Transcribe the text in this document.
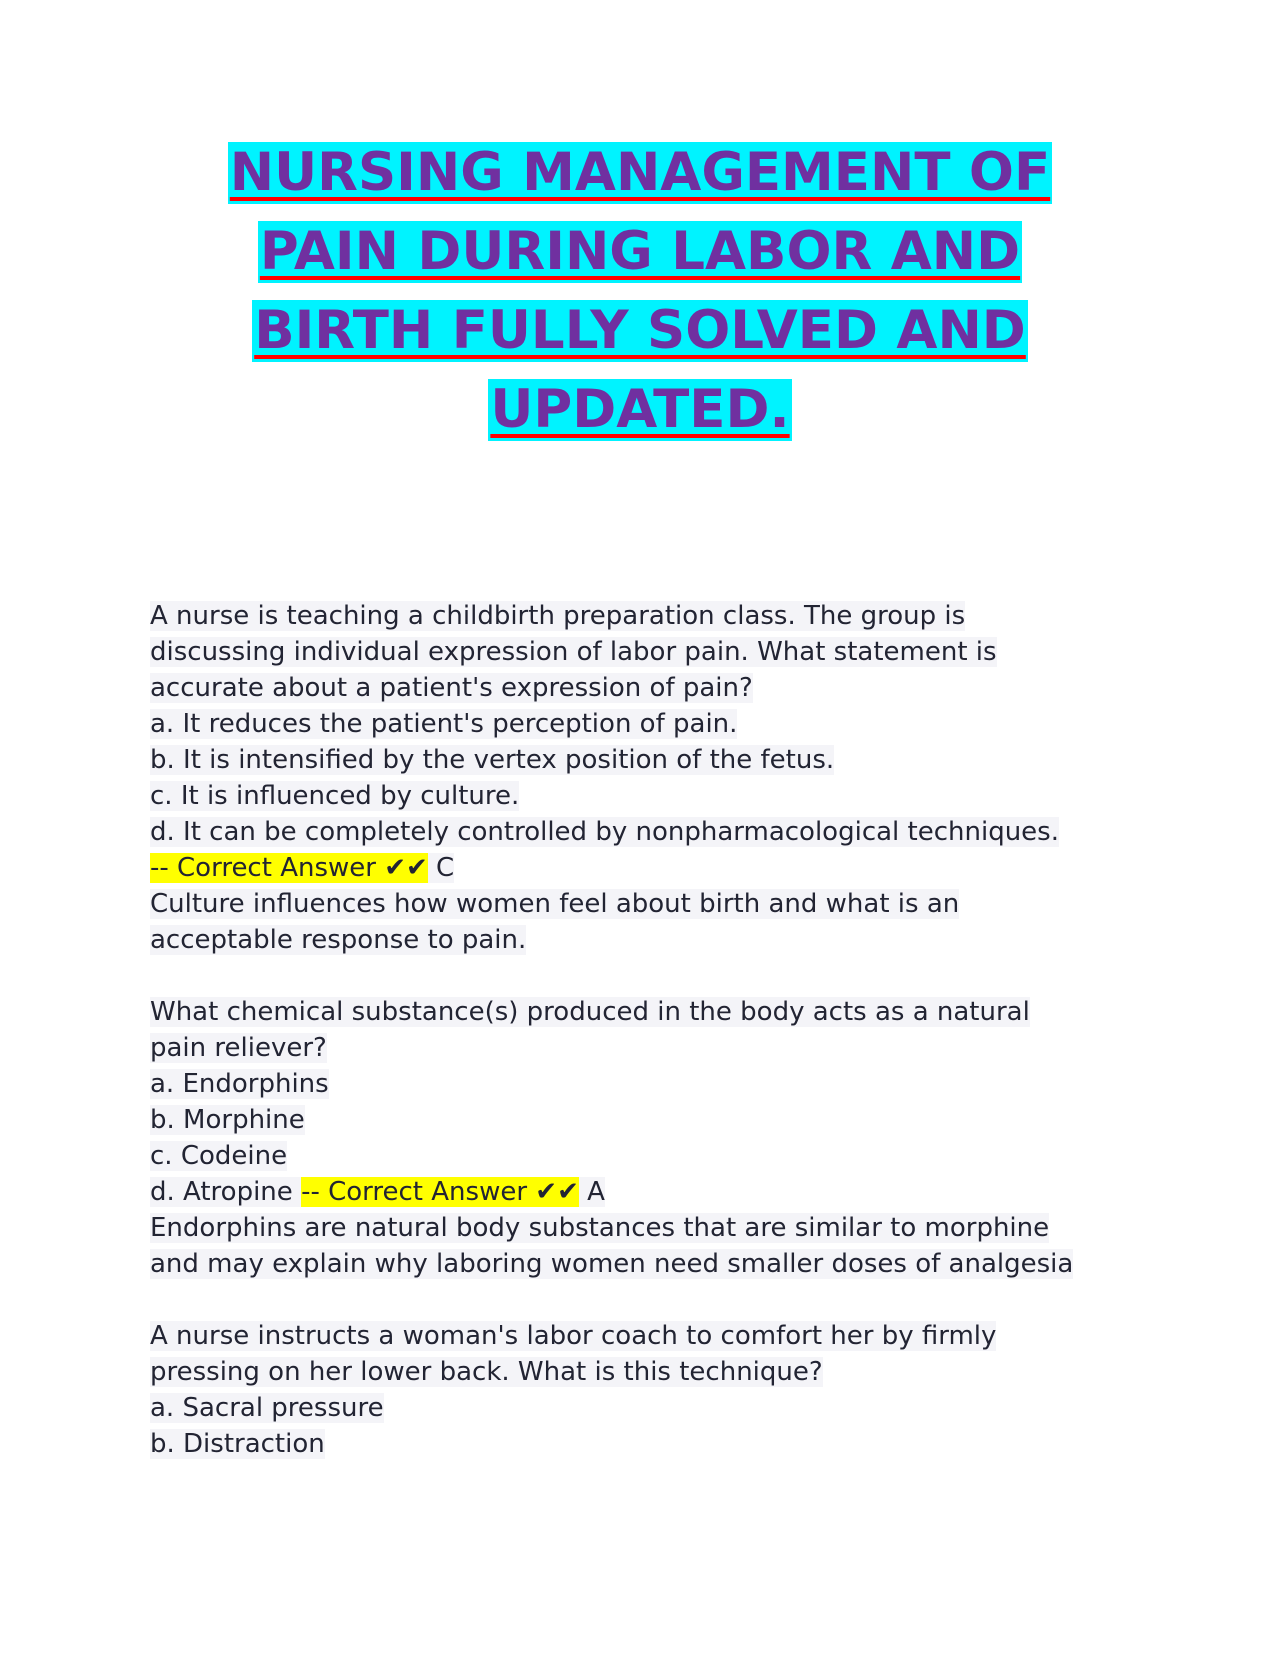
NURSING MANAGEMENT OF
PAIN DURING LABOR AND
BIRTH FULLY SOLVED AND
UPDATED.
A nurse is teaching a childbirth preparation class. The group is
discussing individual expression of labor pain. What statement is
accurate about a patient's expression of pain?
a. It reduces the patient's perception of pain.
b. It is intensified by the vertex position of the fetus.
c. It is influenced by culture.
d. It can be completely controlled by nonpharmacological techniques.
-- Correct Answer ✔✔ C
Culture influences how women feel about birth and what is an
acceptable response to pain.
What chemical substance(s) produced in the body acts as a natural
pain reliever?
a. Endorphins
b. Morphine
c. Codeine
d. Atropine -- Correct Answer ✔✔ A
Endorphins are natural body substances that are similar to morphine
and may explain why laboring women need smaller doses of analgesia
A nurse instructs a woman's labor coach to comfort her by firmly
pressing on her lower back. What is this technique?
a. Sacral pressure
b. Distraction
